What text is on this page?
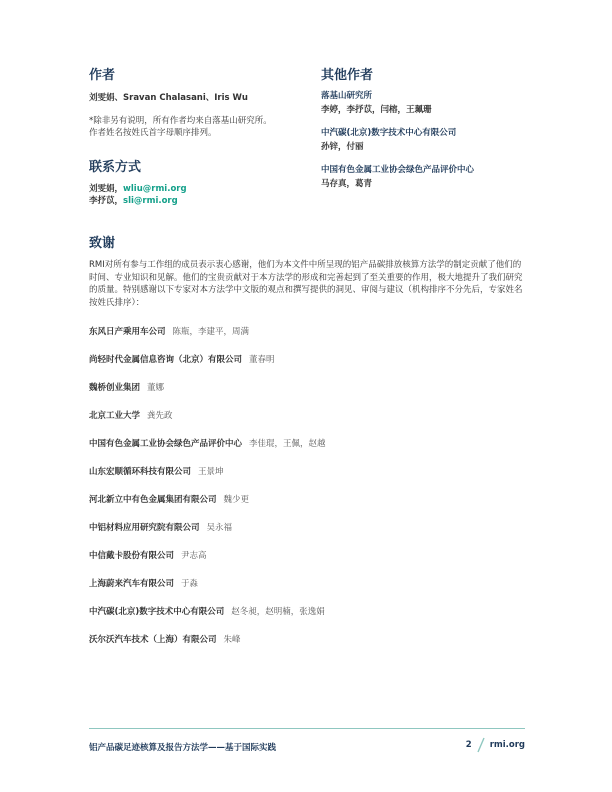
作者
刘雯娟、Sravan Chalasani、Iris Wu
*除非另有说明，所有作者均来自落基山研究所。
作者姓名按姓氏首字母顺序排列。
联系方式
刘雯娟，wliu@rmi.org
李抒苡，sli@rmi.org
其他作者
落基山研究所
李婷，李抒苡，闫榕，王珮珊
中汽碳(北京)数字技术中心有限公司
孙锌，付丽
中国有色金属工业协会绿色产品评价中心
马存真，葛青
致谢

RMI对所有参与工作组的成员表示衷心感谢，他们为本文件中所呈现的铝产品碳排放核算方法学的制定贡献了他们的时间、专业知识和见解。他们的宝贵贡献对于本方法学的形成和完善起到了至关重要的作用，极大地提升了我们研究的质量。特别感谢以下专家对本方法学中文版的观点和撰写提供的洞见、审阅与建议（机构排序不分先后，专家姓名按姓氏排序）：

东风日产乘用车公司 陈瓶，李建平，周满
尚轻时代金属信息咨询（北京）有限公司 董春明
魏桥创业集团 董娜
北京工业大学 龚先政
中国有色金属工业协会绿色产品评价中心 李佳琨，王佩，赵越
山东宏顺循环科技有限公司 王景坤
河北新立中有色金属集团有限公司 魏少更
中铝材料应用研究院有限公司 吴永福
中信戴卡股份有限公司 尹志高
上海蔚来汽车有限公司 于淼
中汽碳(北京)数字技术中心有限公司 赵冬昶，赵明楠，张逸娟
沃尔沃汽车技术（上海）有限公司 朱峰
铝产品碳足迹核算及报告方法学——基于国际实践	2 rmi.org
